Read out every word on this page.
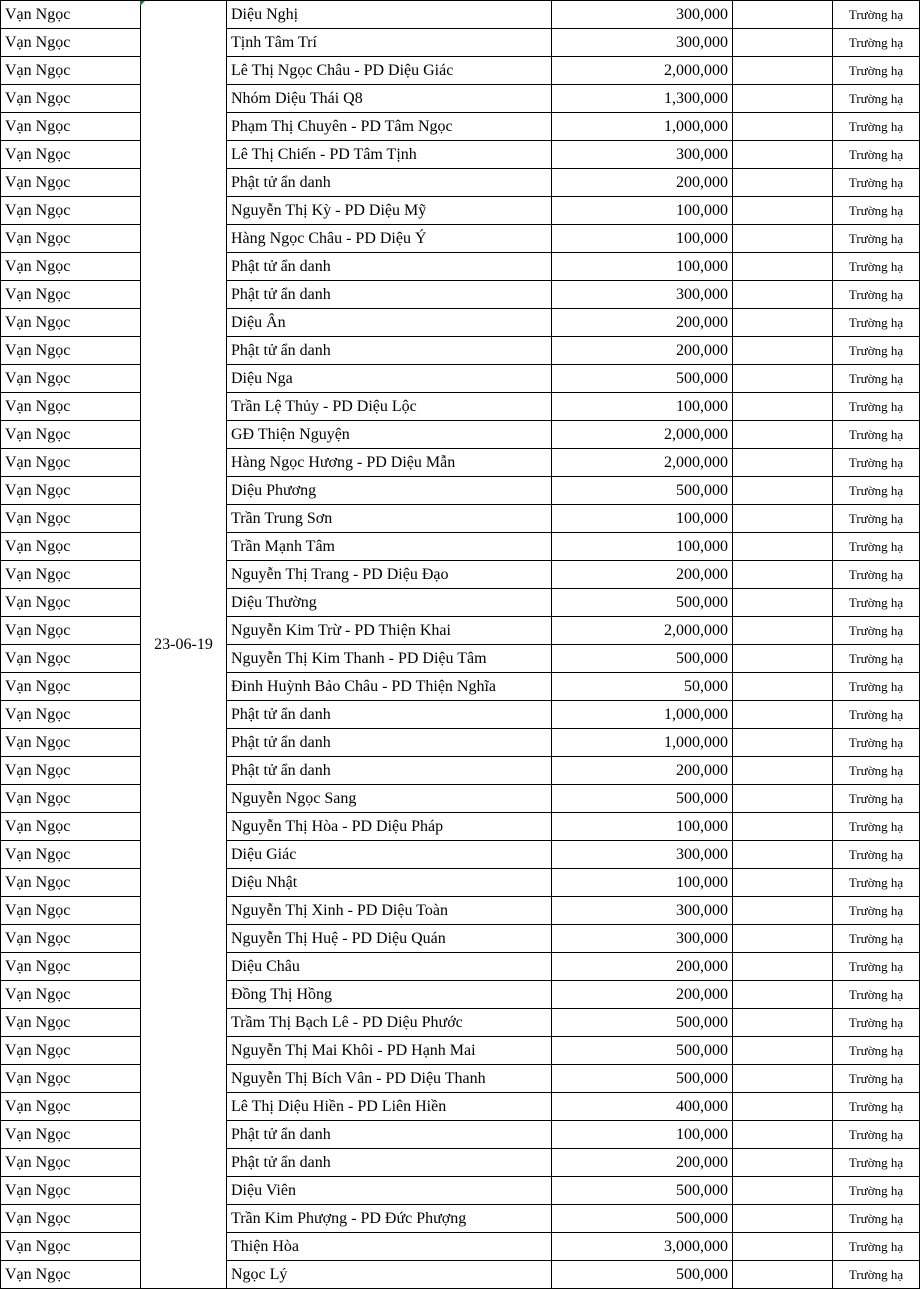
Vạn Ngọc	23-06-19	Diệu Nghị	300,000		Trường hạ
Vạn Ngọc		Tịnh Tâm Trí	300,000		Trường hạ
Vạn Ngọc		Lê Thị Ngọc Châu - PD Diệu Giác	2,000,000		Trường hạ
Vạn Ngọc		Nhóm Diệu Thái Q8	1,300,000		Trường hạ
Vạn Ngọc		Phạm Thị Chuyên - PD Tâm Ngọc	1,000,000		Trường hạ
Vạn Ngọc		Lê Thị Chiến - PD Tâm Tịnh	300,000		Trường hạ
Vạn Ngọc		Phật tử ẩn danh	200,000		Trường hạ
Vạn Ngọc		Nguyễn Thị Kỳ - PD Diệu Mỹ	100,000		Trường hạ
Vạn Ngọc		Hàng Ngọc Châu - PD Diệu Ý	100,000		Trường hạ
Vạn Ngọc		Phật tử ẩn danh	100,000		Trường hạ
Vạn Ngọc		Phật tử ẩn danh	300,000		Trường hạ
Vạn Ngọc		Diệu Ân	200,000		Trường hạ
Vạn Ngọc		Phật tử ẩn danh	200,000		Trường hạ
Vạn Ngọc		Diệu Nga	500,000		Trường hạ
Vạn Ngọc		Trần Lệ Thủy - PD Diệu Lộc	100,000		Trường hạ
Vạn Ngọc		GĐ Thiện Nguyện	2,000,000		Trường hạ
Vạn Ngọc		Hàng Ngọc Hương - PD Diệu Mẫn	2,000,000		Trường hạ
Vạn Ngọc		Diệu Phương	500,000		Trường hạ
Vạn Ngọc		Trần Trung Sơn	100,000		Trường hạ
Vạn Ngọc		Trần Mạnh Tâm	100,000		Trường hạ
Vạn Ngọc		Nguyễn Thị Trang - PD Diệu Đạo	200,000		Trường hạ
Vạn Ngọc		Diệu Thường	500,000		Trường hạ
Vạn Ngọc		Nguyễn Kim Trừ - PD Thiện Khai	2,000,000		Trường hạ
Vạn Ngọc		Nguyễn Thị Kim Thanh - PD Diệu Tâm	500,000		Trường hạ
Vạn Ngọc		Đinh Huỳnh Bảo Châu - PD Thiện Nghĩa	50,000		Trường hạ
Vạn Ngọc		Phật tử ẩn danh	1,000,000		Trường hạ
Vạn Ngọc		Phật tử ẩn danh	1,000,000		Trường hạ
Vạn Ngọc		Phật tử ẩn danh	200,000		Trường hạ
Vạn Ngọc		Nguyễn Ngọc Sang	500,000		Trường hạ
Vạn Ngọc		Nguyễn Thị Hòa - PD Diệu Pháp	100,000		Trường hạ
Vạn Ngọc		Diệu Giác	300,000		Trường hạ
Vạn Ngọc		Diệu Nhật	100,000		Trường hạ
Vạn Ngọc		Nguyễn Thị Xinh - PD Diệu Toàn	300,000		Trường hạ
Vạn Ngọc		Nguyễn Thị Huệ - PD Diệu Quán	300,000		Trường hạ
Vạn Ngọc		Diệu Châu	200,000		Trường hạ
Vạn Ngọc		Đồng Thị Hồng	200,000		Trường hạ
Vạn Ngọc		Trầm Thị Bạch Lê - PD Diệu Phước	500,000		Trường hạ
Vạn Ngọc		Nguyễn Thị Mai Khôi - PD Hạnh Mai	500,000		Trường hạ
Vạn Ngọc		Nguyễn Thị Bích Vân - PD Diệu Thanh	500,000		Trường hạ
Vạn Ngọc		Lê Thị Diệu Hiền - PD Liên Hiền	400,000		Trường hạ
Vạn Ngọc		Phật tử ẩn danh	100,000		Trường hạ
Vạn Ngọc		Phật tử ẩn danh	200,000		Trường hạ
Vạn Ngọc		Diệu Viên	500,000		Trường hạ
Vạn Ngọc		Trần Kim Phượng - PD Đức Phượng	500,000		Trường hạ
Vạn Ngọc		Thiện Hòa	3,000,000		Trường hạ
Vạn Ngọc		Ngọc Lý	500,000		Trường hạ
